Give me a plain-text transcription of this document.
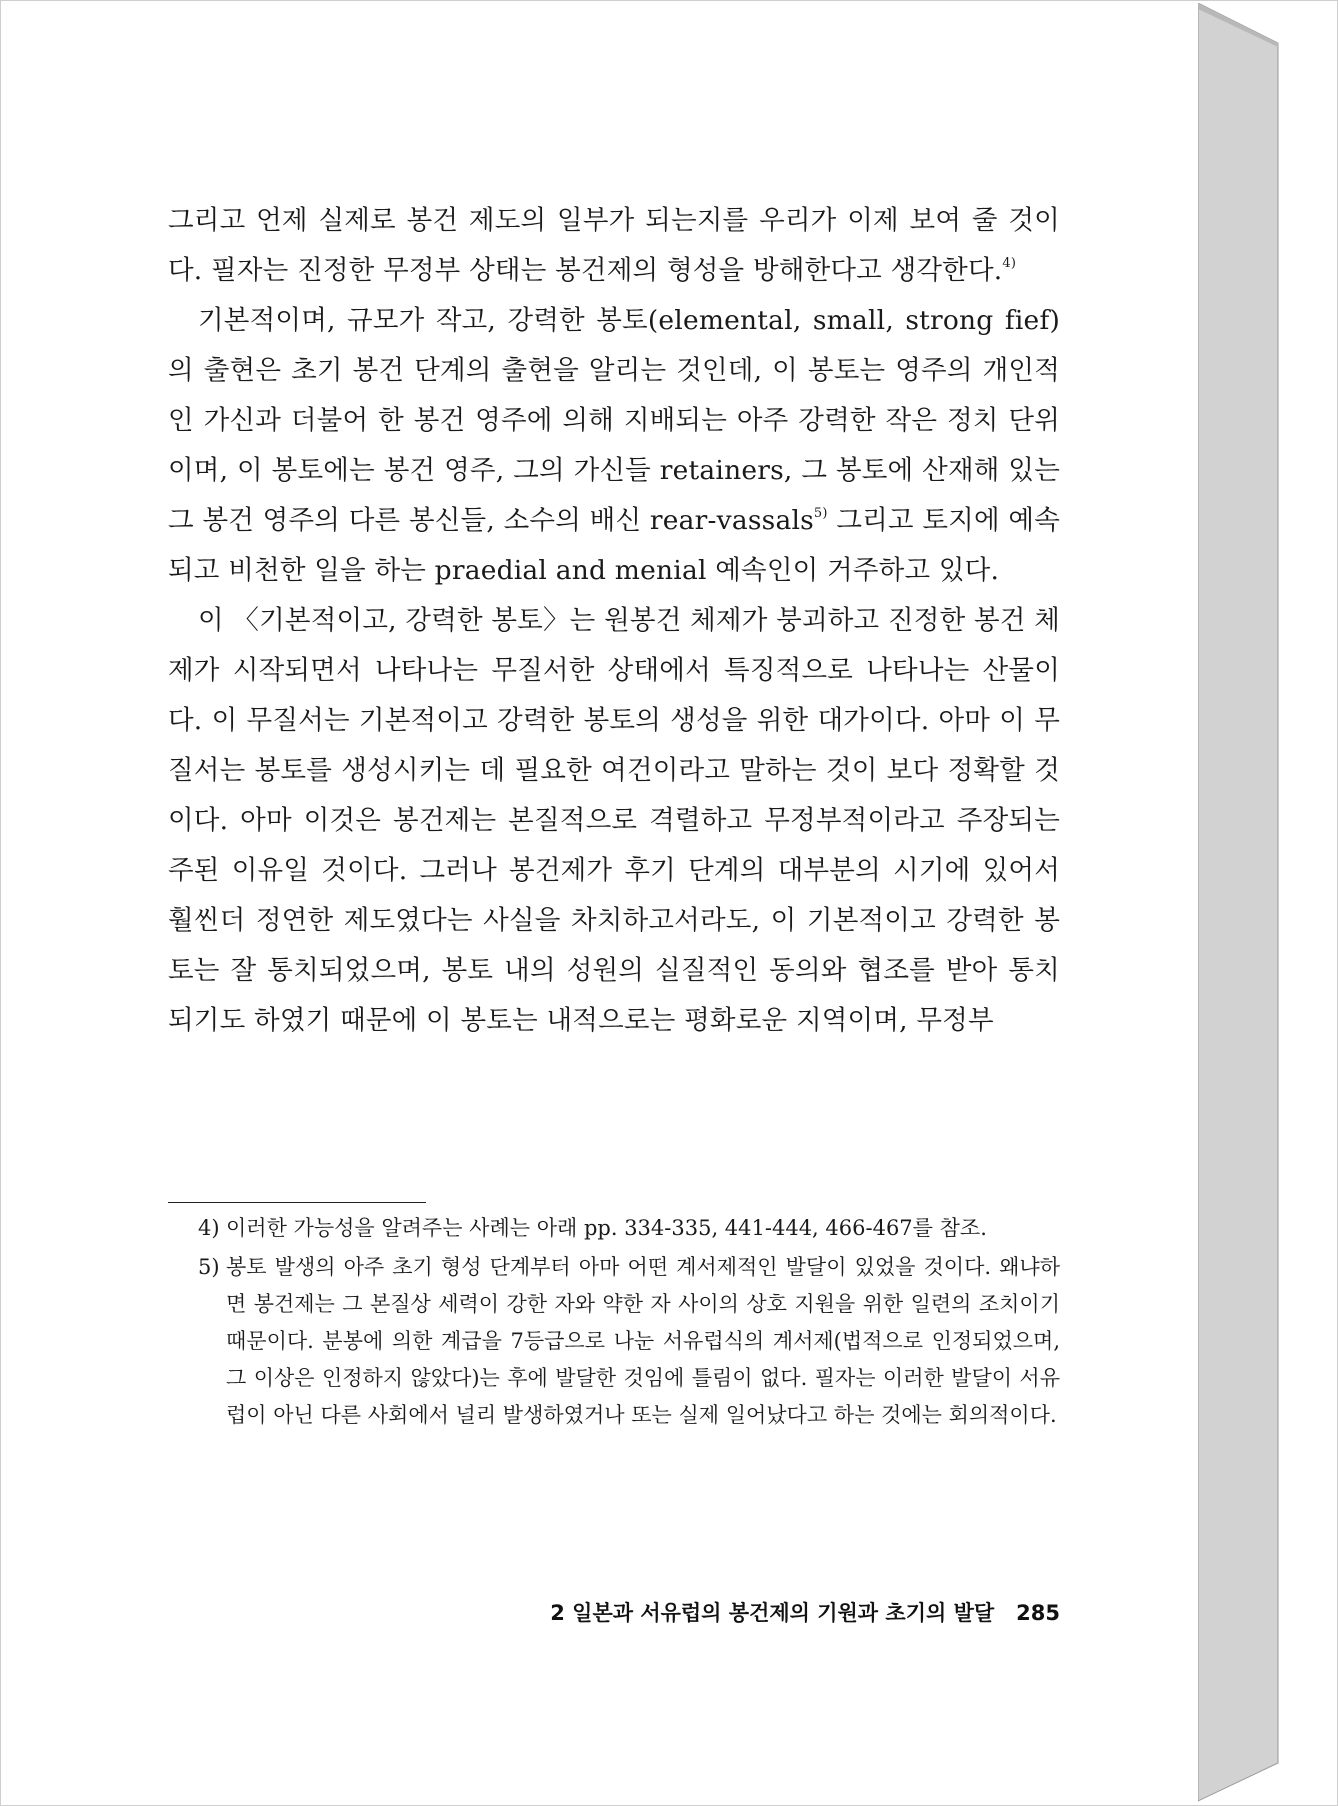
그리고 언제 실제로 봉건 제도의 일부가 되는지를 우리가 이제 보여 줄 것이다. 필자는 진정한 무정부 상태는 봉건제의 형성을 방해한다고 생각한다.$^{4)}$

기본적이며, 규모가 작고, 강력한 봉토(elemental, small, strong fief)의 출현은 초기 봉건 단계의 출현을 알리는 것인데, 이 봉토는 영주의 개인적인 가신과 더불어 한 봉건 영주에 의해 지배되는 아주 강력한 작은 정치 단위이며, 이 봉토에는 봉건 영주, 그의 가신들 retainers, 그 봉토에 산재해 있는 그 봉건 영주의 다른 봉신들, 소수의 배신 rear-vassals$^{5)}$ 그리고 토지에 예속되고 비천한 일을 하는 praedial and menial 예속인이 거주하고 있다.

이 〈기본적이고, 강력한 봉토〉는 원봉건 체제가 붕괴하고 진정한 봉건 체제가 시작되면서 나타나는 무질서한 상태에서 특징적으로 나타나는 산물이다. 이 무질서는 기본적이고 강력한 봉토의 생성을 위한 대가이다. 아마 이 무질서는 봉토를 생성시키는 데 필요한 여건이라고 말하는 것이 보다 정확할 것이다. 아마 이것은 봉건제는 본질적으로 격렬하고 무정부적이라고 주장되는 주된 이유일 것이다. 그러나 봉건제가 후기 단계의 대부분의 시기에 있어서 훨씬더 정연한 제도였다는 사실을 차치하고서라도, 이 기본적이고 강력한 봉토는 잘 통치되었으며, 봉토 내의 성원의 실질적인 동의와 협조를 받아 통치되기도 하였기 때문에 이 봉토는 내적으로는 평화로운 지역이며, 무정부

4) 이러한 가능성을 알려주는 사례는 아래 pp. 334-335, 441-444, 466-467를 참조.
5) 봉토 발생의 아주 초기 형성 단계부터 아마 어떤 계서제적인 발달이 있었을 것이다. 왜냐하면 봉건제는 그 본질상 세력이 강한 자와 약한 자 사이의 상호 지원을 위한 일련의 조치이기 때문이다. 분봉에 의한 계급을 7등급으로 나눈 서유럽식의 계서제(법적으로 인정되었으며, 그 이상은 인정하지 않았다)는 후에 발달한 것임에 틀림이 없다. 필자는 이러한 발달이 서유럽이 아닌 다른 사회에서 널리 발생하였거나 또는 실제 일어났다고 하는 것에는 회의적이다.
2 일본과 서유럽의 봉건제의 기원과 초기의 발달 285
